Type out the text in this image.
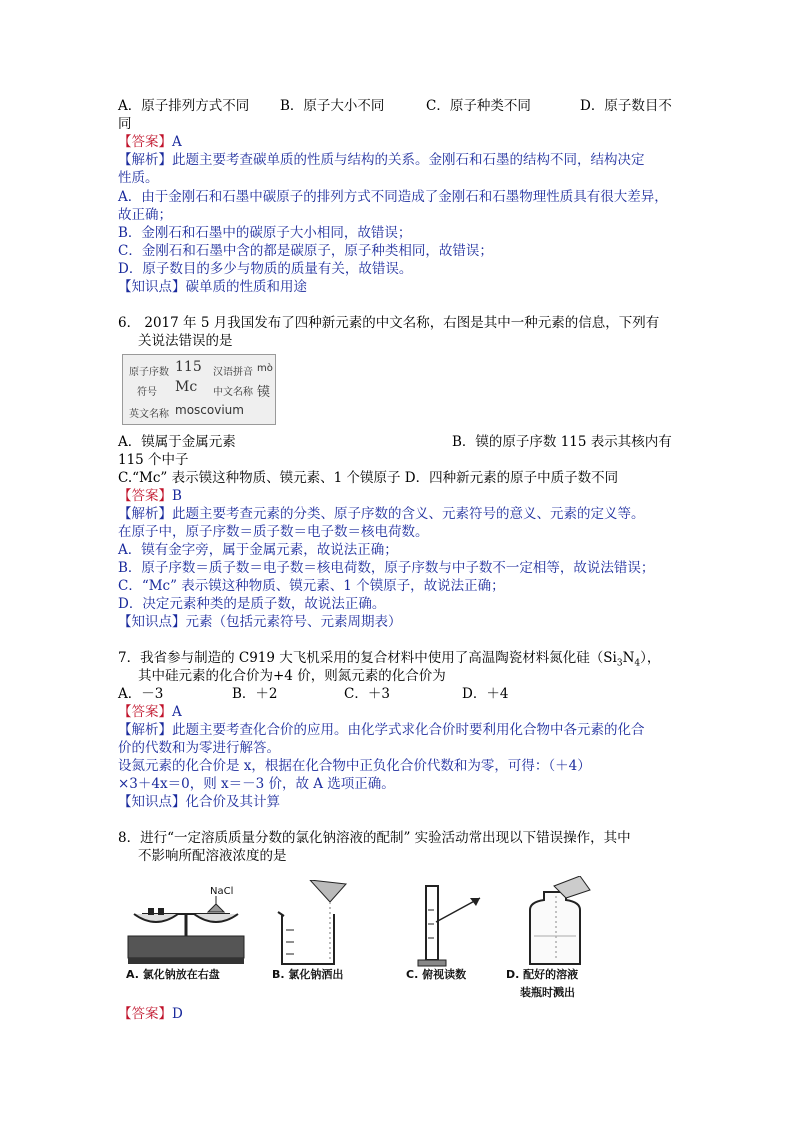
A．原子排列方式不同 B．原子大小不同	C．原子种类不同	D．原子数目不
同
【答案】A
【解析】此题主要考查碳单质的性质与结构的关系。金刚石和石墨的结构不同，结构决定
性质。
A．由于金刚石和石墨中碳原子的排列方式不同造成了金刚石和石墨物理性质具有很大差异，
故正确；
B．金刚石和石墨中的碳原子大小相同，故错误；
C．金刚石和石墨中含的都是碳原子，原子种类相同，故错误；
D．原子数目的多少与物质的质量有关，故错误。
【知识点】碳单质的性质和用途
6． 2017 年 5 月我国发布了四种新元素的中文名称，右图是其中一种元素的信息，下列有
关说法错误的是
原子序数 115 汉语拼音 mò
符号 Mc 中文名称 镆
英文名称 moscovium
A．镆属于金属元素	B．镆的原子序数 115 表示其核内有
115 个中子
C.“Mc” 表示镆这种物质、镆元素、1 个镆原子 D．四种新元素的原子中质子数不同
【答案】B
【解析】此题主要考查元素的分类、原子序数的含义、元素符号的意义、元素的定义等。
在原子中，原子序数＝质子数＝电子数＝核电荷数。
A．镆有金字旁，属于金属元素，故说法正确；
B．原子序数＝质子数＝电子数＝核电荷数，原子序数与中子数不一定相等，故说法错误；
C．“Mc” 表示镆这种物质、镆元素、1 个镆原子，故说法正确；
D．决定元素种类的是质子数，故说法正确。
【知识点】元素（包括元素符号、元素周期表）
7．我省参与制造的 C919 大飞机采用的复合材料中使用了高温陶瓷材料氮化硅$(Si_3N_4)$，
其中硅元素的化合价为+4 价，则氮元素的化合价为
A．－3	B．＋2	C．＋3	D．＋4
【答案】A
【解析】此题主要考查化合价的应用。由化学式求化合价时要利用化合物中各元素的化合
价的代数和为零进行解答。
设氮元素的化合价是 x，根据在化合物中正负化合价代数和为零，可得：（＋4）
×3＋4x＝0，则 x＝－3 价，故 A 选项正确。
【知识点】化合价及其计算
8．进行“一定溶质质量分数的氯化钠溶液的配制” 实验活动常出现以下错误操作，其中
不影响所配溶液浓度的是
NaCl
A. 氯化钠放在右盘	B. 氯化钠洒出	C. 俯视读数	D. 配好的溶液
装瓶时溅出
【答案】D
